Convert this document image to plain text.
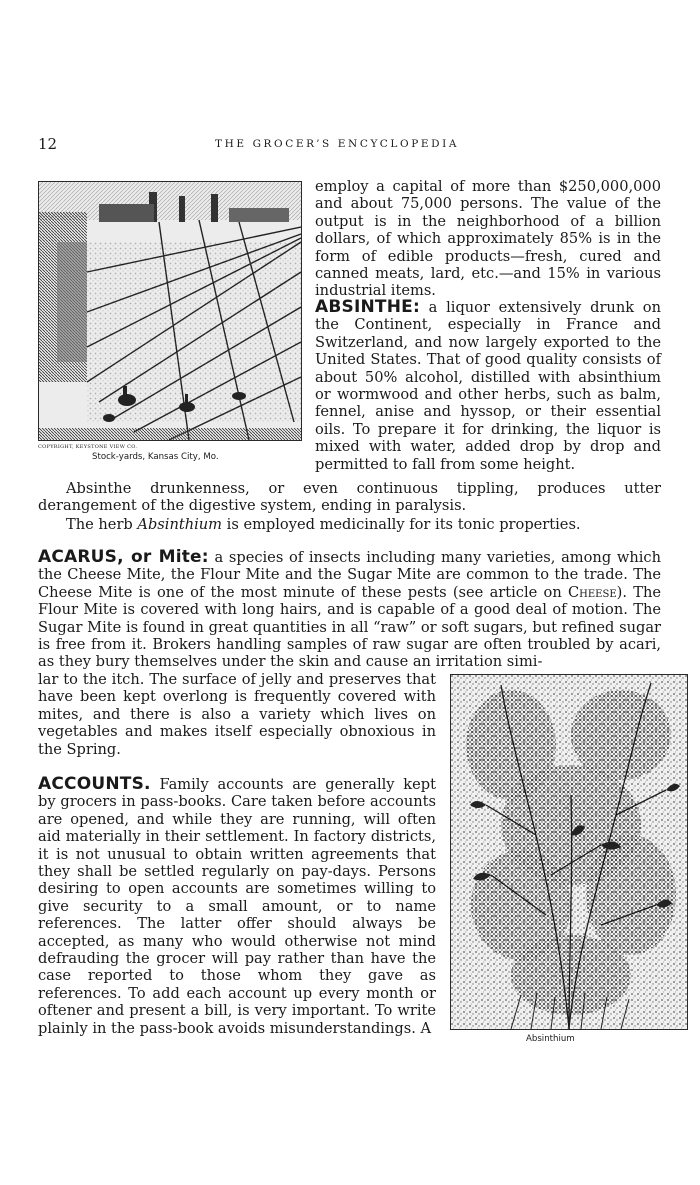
12	THE GROCER’S ENCYCLOPEDIA
COPYRIGHT, KEYSTONE VIEW CO.
Stock-yards, Kansas City, Mo.

employ a capital of more than $250,000,000 and about 75,000 persons. The value of the output is in the neighborhood of a billion dollars, of which approximately 85% is in the form of edible products—fresh, cured and canned meats, lard, etc.—and 15% in various industrial items.

ABSINTHE: a liquor extensively drunk on the Continent, especially in France and Switzerland, and now largely exported to the United States. That of good quality consists of about 50% alcohol, distilled with absinthium or wormwood and other herbs, such as balm, fennel, anise and hyssop, or their essential oils. To prepare it for drinking, the liquor is mixed with water, added drop by drop and permitted to fall from some height.

Absinthe drunkenness, or even continuous tippling, produces utter derangement of the digestive system, ending in paralysis.

The herb Absinthium is employed medicinally for its tonic properties.

ACARUS, or Mite: a species of insects including many varieties, among which the Cheese Mite, the Flour Mite and the Sugar Mite are common to the trade. The Cheese Mite is one of the most minute of these pests (see article on Cheese). The Flour Mite is covered with long hairs, and is capable of a good deal of motion. The Sugar Mite is found in great quantities in all “raw” or soft sugars, but refined sugar is free from it. Brokers handling samples of raw sugar are often troubled by acari, as they bury themselves under the skin and cause an irritation simi-

lar to the itch. The surface of jelly and preserves that have been kept overlong is frequently covered with mites, and there is also a variety which lives on vegetables and makes itself especially obnoxious in the Spring.

ACCOUNTS. Family accounts are generally kept by grocers in pass-books. Care taken before accounts are opened, and while they are running, will often aid materially in their settlement. In factory districts, it is not unusual to obtain written agreements that they shall be settled regularly on pay-days. Persons desiring to open accounts are sometimes willing to give security to a small amount, or to name references. The latter offer should always be accepted, as many who would otherwise not mind defrauding the grocer will pay rather than have the case reported to those whom they gave as references. To add each account up every month or oftener and present a bill, is very important. To write plainly in the pass-book avoids misunderstandings. A

Absinthium
